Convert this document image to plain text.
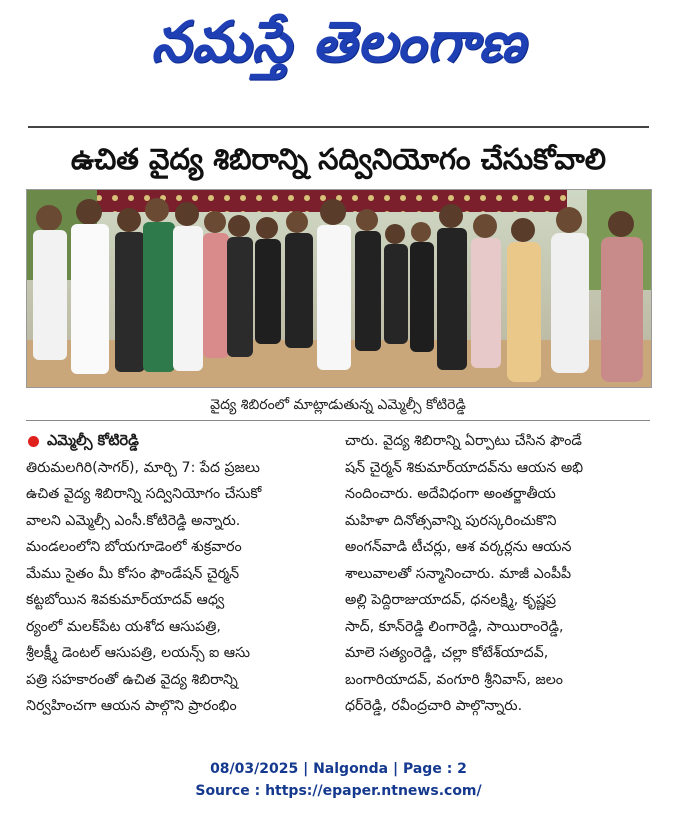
నమస్తే తెలంగాణ
ఉచిత వైద్య శిబిరాన్ని సద్వినియోగం చేసుకోవాలి
వైద్య శిబిరంలో మాట్లాడుతున్న ఎమ్మెల్సీ కోటిరెడ్డి

ఎమ్మెల్సీ కోటిరెడ్డి

తిరుమలగిరి(సాగర్), మార్చి 7: పేద ప్రజలు

ఉచిత వైద్య శిబిరాన్ని సద్వినియోగం చేసుకో

వాలని ఎమ్మెల్సీ ఎంసీ.కోటిరెడ్డి అన్నారు.

మండలంలోని బోయగూడెంలో శుక్రవారం

మేము సైతం మీ కోసం ఫౌండేషన్ చైర్మన్

కట్టబోయిన శివకుమార్‌యాదవ్ ఆధ్వ

ర్యంలో మలక్‌పేట యశోద ఆసుపత్రి,

శ్రీలక్ష్మీ డెంటల్ ఆసుపత్రి, లయన్స్ ఐ ఆసు

పత్రి సహకారంతో ఉచిత వైద్య శిబిరాన్ని

నిర్వహించగా ఆయన పాల్గొని ప్రారంభిం

చారు. వైద్య శిబిరాన్ని ఏర్పాటు చేసిన ఫౌండే

షన్ చైర్మన్ శికుమార్‌యాదవ్‌ను ఆయన అభి

నందించారు. అదేవిధంగా అంతర్జాతీయ

మహిళా దినోత్సవాన్ని పురస్కరించుకొని

అంగన్‌వాడి టీచర్లు, ఆశ వర్కర్లను ఆయన

శాలువాలతో సన్మానించారు. మాజీ ఎంపీపీ

అల్లి పెద్దిరాజుయాదవ్, ధనలక్ష్మి, కృష్ణప్ర

సాద్, కూన్‌రెడ్డి లింగారెడ్డి, సాయిరాంరెడ్డి,

మాలె సత్యంరెడ్డి, చల్లా కోటేశ్‌యాదవ్,

బంగారియాదవ్, వంగూరి శ్రీనివాస్, జలం

ధర్‌రెడ్డి, రవీంద్రచారి పాల్గొన్నారు.

08/03/2025 | Nalgonda | Page : 2
Source : https://epaper.ntnews.com/
